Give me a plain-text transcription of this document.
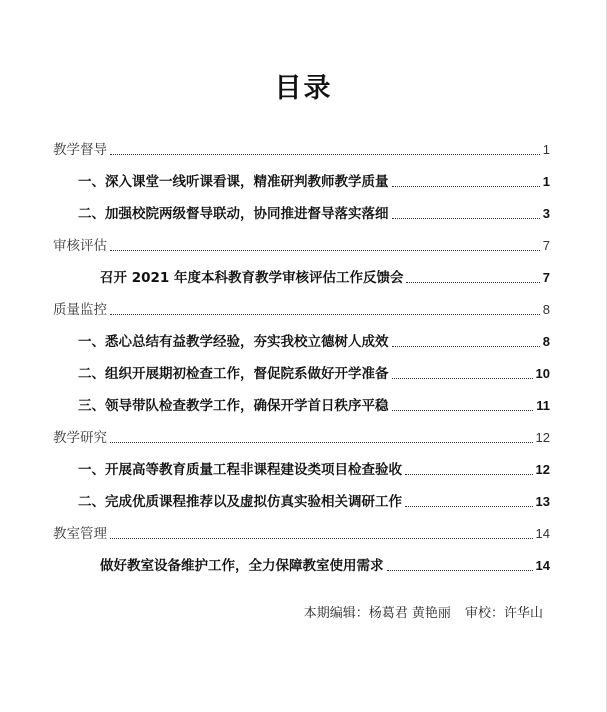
目录
教学督导	1
一、深入课堂一线听课看课，精准研判教师教学质量	1
二、加强校院两级督导联动，协同推进督导落实落细	3
审核评估	7
召开 2021 年度本科教育教学审核评估工作反馈会	7
质量监控	8
一、悉心总结有益教学经验，夯实我校立德树人成效	8
二、组织开展期初检查工作，督促院系做好开学准备	10
三、领导带队检查教学工作，确保开学首日秩序平稳	11
教学研究	12
一、开展高等教育质量工程非课程建设类项目检查验收	12
二、完成优质课程推荐以及虚拟仿真实验相关调研工作	13
教室管理	14
做好教室设备维护工作，全力保障教室使用需求	14
本期编辑：杨葛君 黄艳丽 审校：许华山
